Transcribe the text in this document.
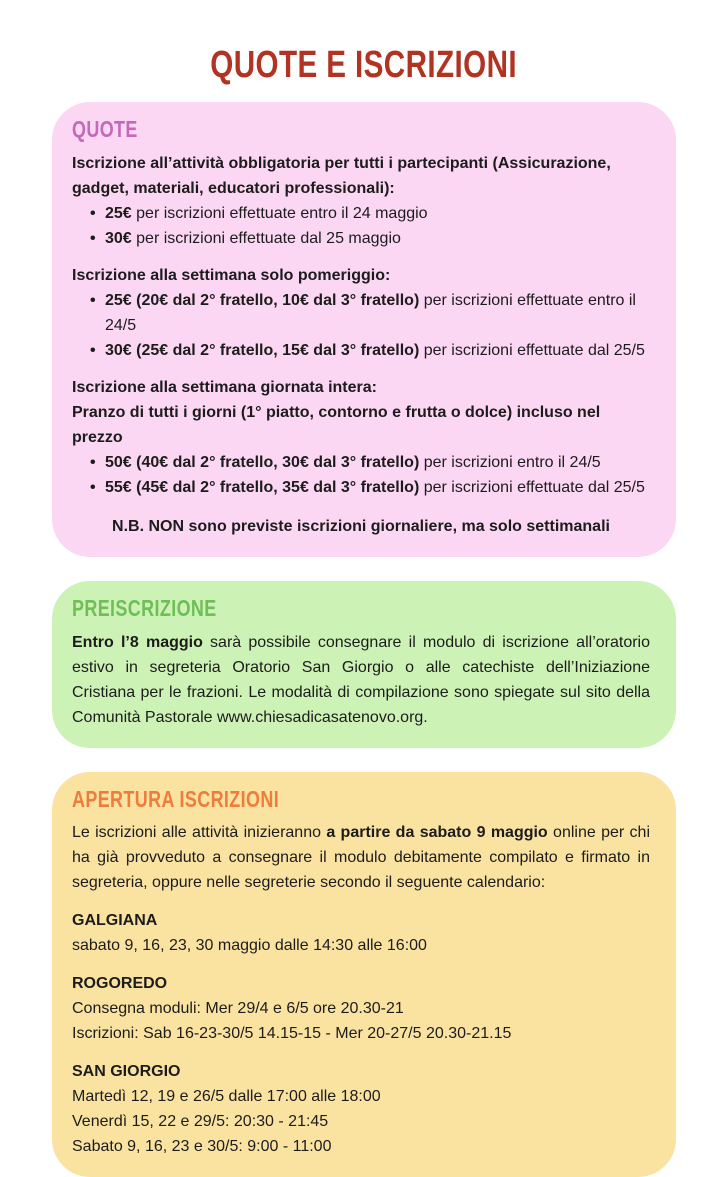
QUOTE E ISCRIZIONI
QUOTE

Iscrizione all’attività obbligatoria per tutti i partecipanti (Assicurazione, gadget, materiali, educatori professionali):

• 25€ per iscrizioni effettuate entro il 24 maggio
• 30€ per iscrizioni effettuate dal 25 maggio

Iscrizione alla settimana solo pomeriggio:

• 25€ (20€ dal 2° fratello, 10€ dal 3° fratello) per iscrizioni effettuate entro il 24/5
• 30€ (25€ dal 2° fratello, 15€ dal 3° fratello) per iscrizioni effettuate dal 25/5

Iscrizione alla settimana giornata intera:

Pranzo di tutti i giorni (1° piatto, contorno e frutta o dolce) incluso nel prezzo

• 50€ (40€ dal 2° fratello, 30€ dal 3° fratello) per iscrizioni entro il 24/5
• 55€ (45€ dal 2° fratello, 35€ dal 3° fratello) per iscrizioni effettuate dal 25/5

N.B. NON sono previste iscrizioni giornaliere, ma solo settimanali

PREISCRIZIONE

Entro l’8 maggio sarà possibile consegnare il modulo di iscrizione all’oratorio estivo in segreteria Oratorio San Giorgio o alle catechiste dell’Iniziazione Cristiana per le frazioni. Le modalità di compilazione sono spiegate sul sito della Comunità Pastorale www.chiesadicasatenovo.org.

APERTURA ISCRIZIONI

Le iscrizioni alle attività inizieranno a partire da sabato 9 maggio online per chi ha già provveduto a consegnare il modulo debitamente compilato e firmato in segreteria, oppure nelle segreterie secondo il seguente calendario:

GALGIANA
sabato 9, 16, 23, 30 maggio dalle 14:30 alle 16:00
ROGOREDO
Consegna moduli: Mer 29/4 e 6/5 ore 20.30-21
Iscrizioni: Sab 16-23-30/5 14.15-15 - Mer 20-27/5 20.30-21.15
SAN GIORGIO
Martedì 12, 19 e 26/5 dalle 17:00 alle 18:00
Venerdì 15, 22 e 29/5: 20:30 - 21:45
Sabato 9, 16, 23 e 30/5: 9:00 - 11:00
